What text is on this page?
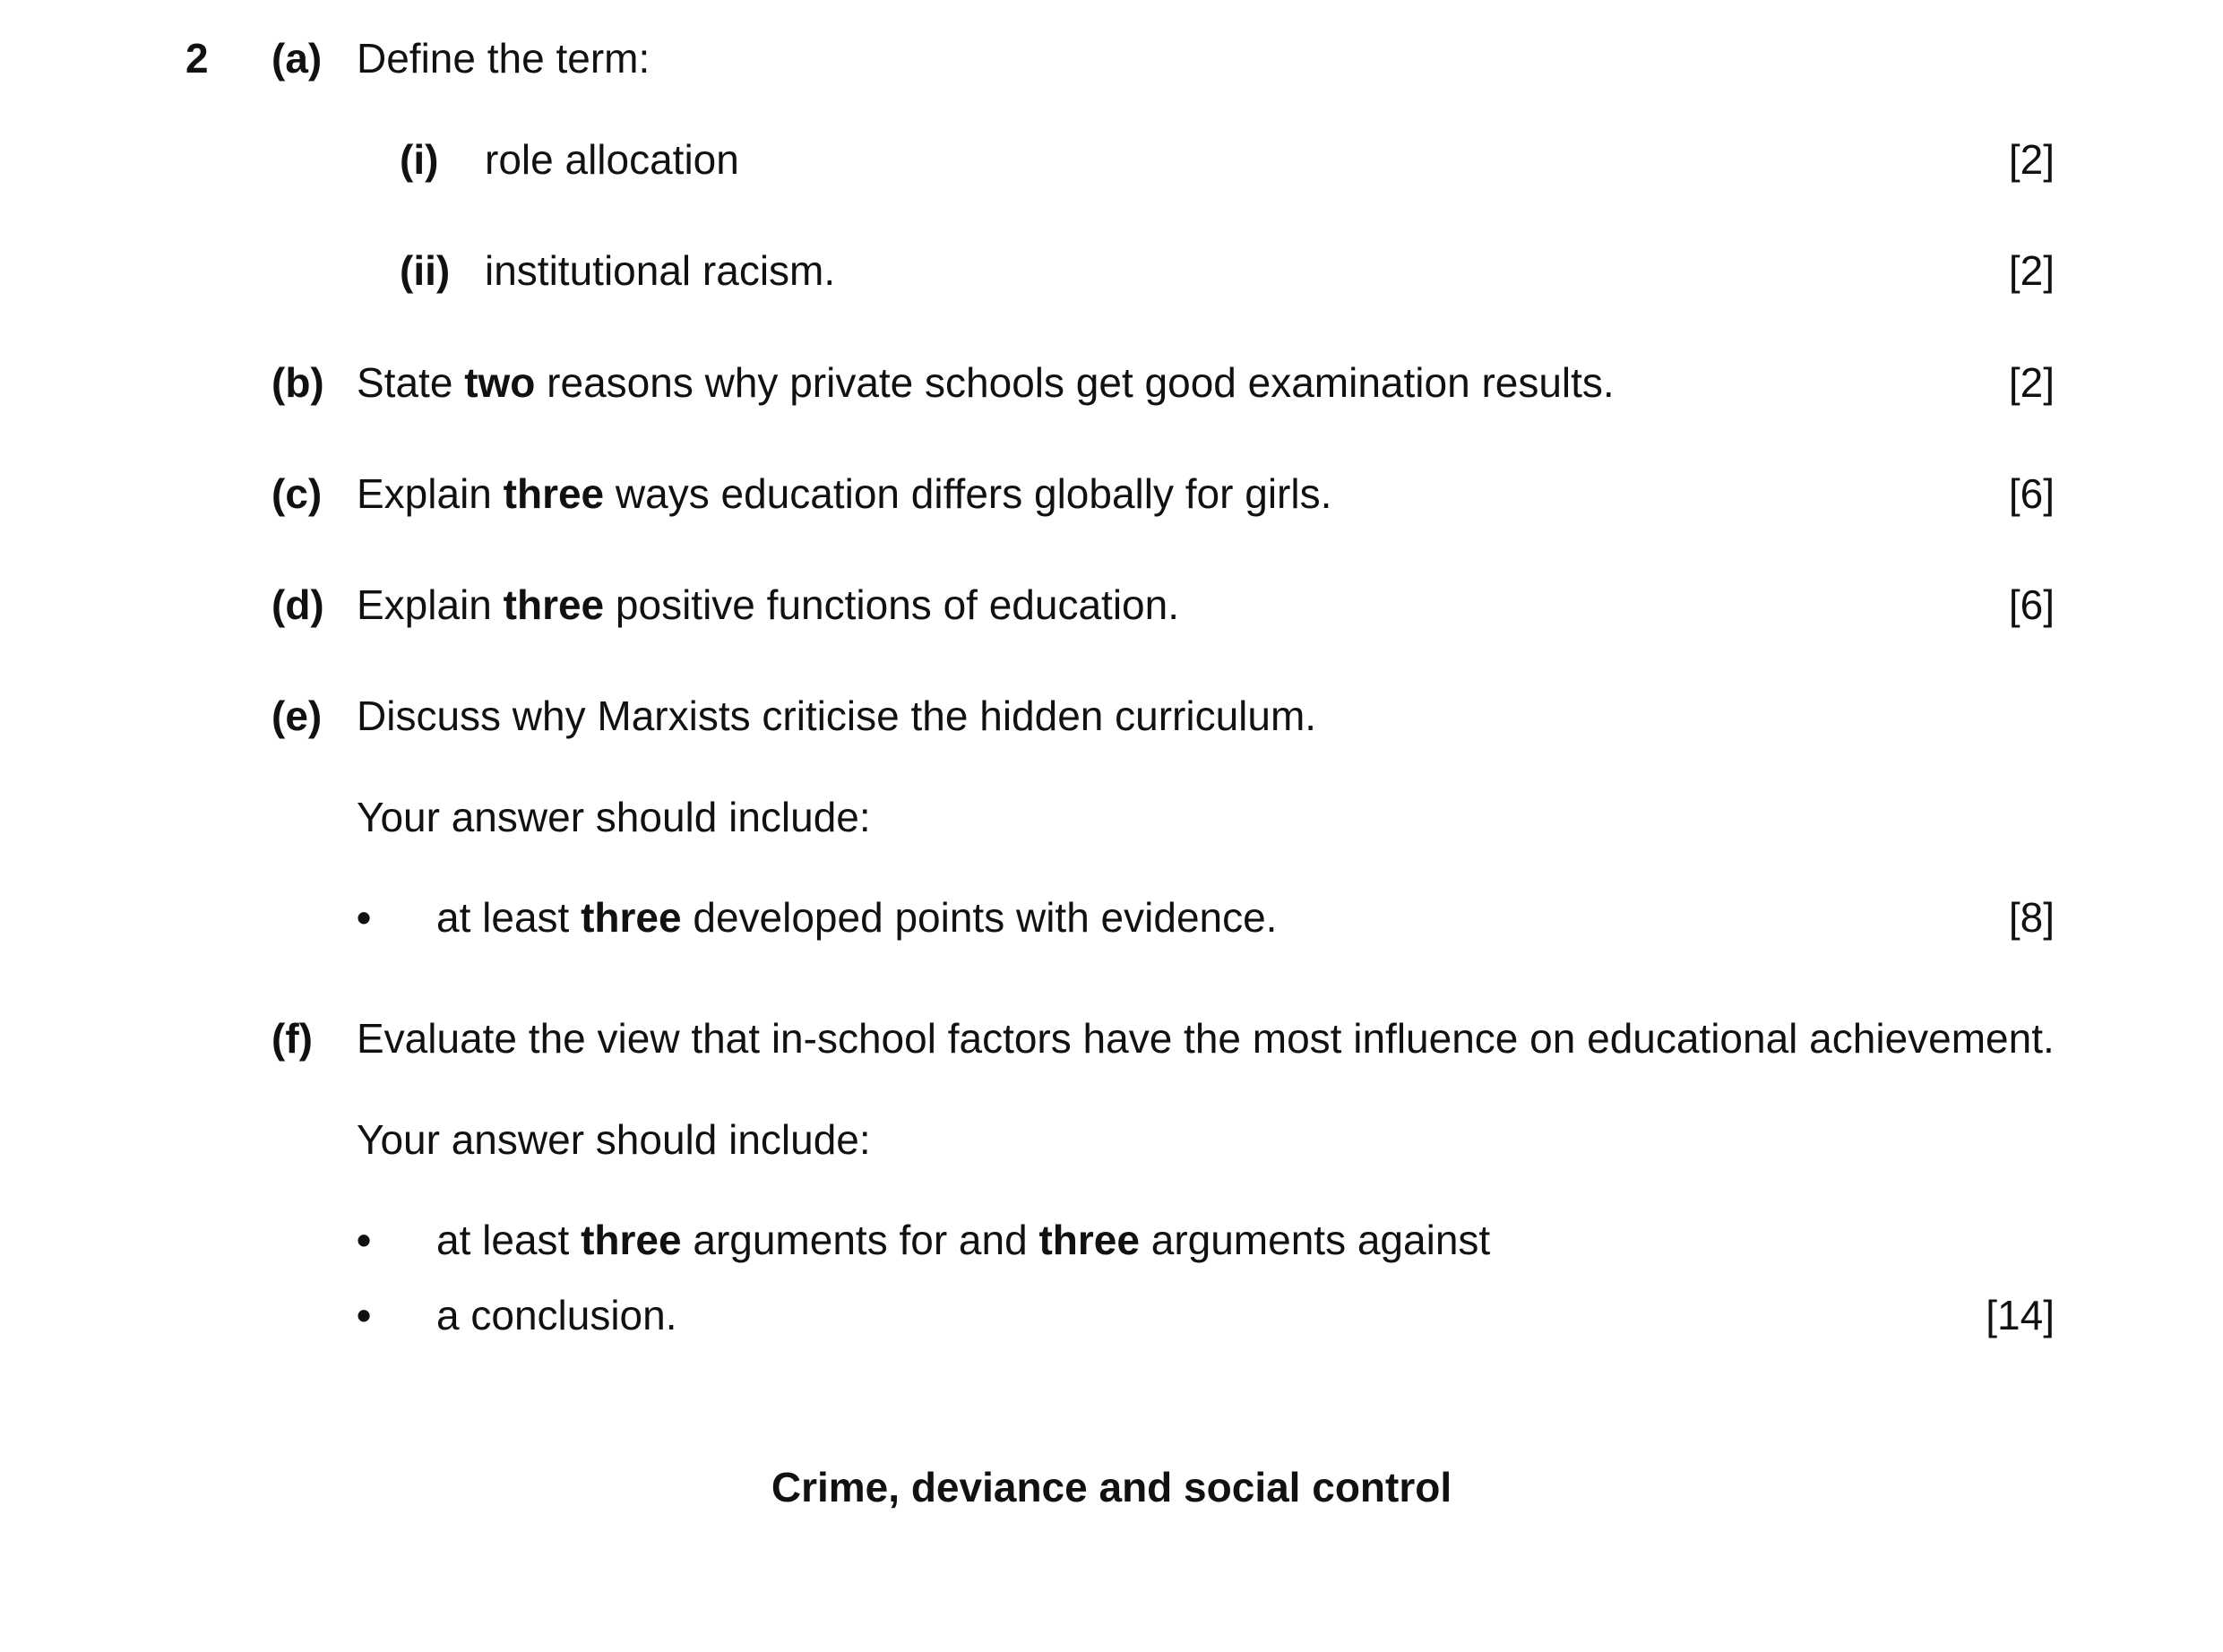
2 (a) Define the term:
(i) role allocation	[2]
(ii) institutional racism.	[2]
(b) State two reasons why private schools get good examination results.	[2]
(c) Explain three ways education differs globally for girls.	[6]
(d) Explain three positive functions of education.	[6]
(e) Discuss why Marxists criticise the hidden curriculum.
Your answer should include:
• at least three developed points with evidence.	[8]
(f) Evaluate the view that in-school factors have the most influence on educational achievement.
Your answer should include:
• at least three arguments for and three arguments against
• a conclusion.	[14]
Crime, deviance and social control
